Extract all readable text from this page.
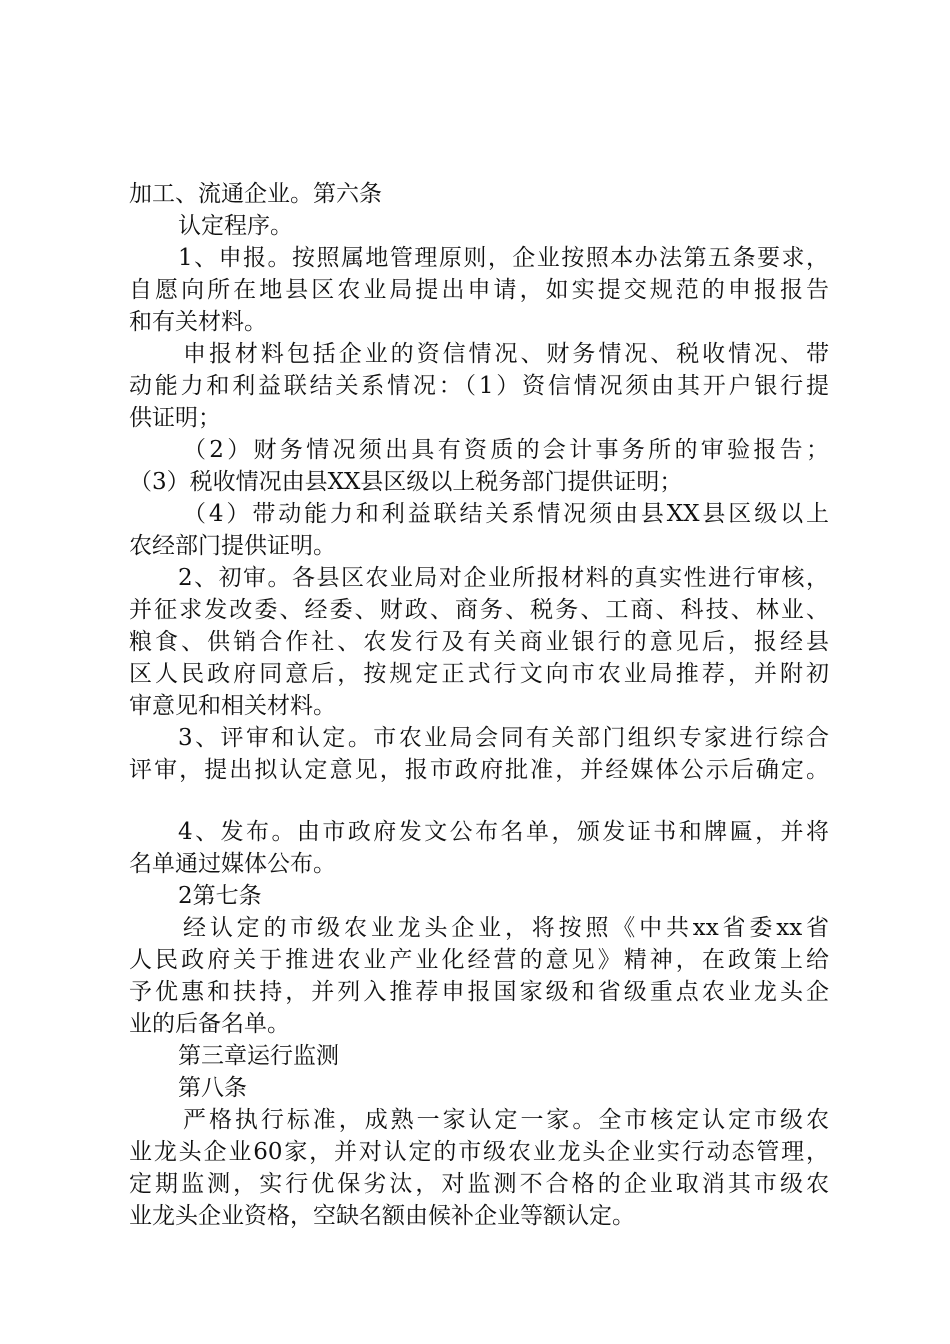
加工、流通企业。第六条
认定程序。
1、申报。按照属地管理原则，企业按照本办法第五条要求，
自愿向所在地县区农业局提出申请，如实提交规范的申报报告
和有关材料。
申报材料包括企业的资信情况、财务情况、税收情况、带
动能力和利益联结关系情况：（1）资信情况须由其开户银行提
供证明；
（2）财务情况须出具有资质的会计事务所的审验报告；
（3）税收情况由县XX县区级以上税务部门提供证明；
（4）带动能力和利益联结关系情况须由县XX县区级以上
农经部门提供证明。
2、初审。各县区农业局对企业所报材料的真实性进行审核，
并征求发改委、经委、财政、商务、税务、工商、科技、林业、
粮食、供销合作社、农发行及有关商业银行的意见后，报经县
区人民政府同意后，按规定正式行文向市农业局推荐，并附初
审意见和相关材料。
3、评审和认定。市农业局会同有关部门组织专家进行综合
评审，提出拟认定意见，报市政府批准，并经媒体公示后确定。
4、发布。由市政府发文公布名单，颁发证书和牌匾，并将
名单通过媒体公布。
2第七条
经认定的市级农业龙头企业，将按照《中共xx省委xx省
人民政府关于推进农业产业化经营的意见》精神，在政策上给
予优惠和扶持，并列入推荐申报国家级和省级重点农业龙头企
业的后备名单。
第三章运行监测
第八条
严格执行标准，成熟一家认定一家。全市核定认定市级农
业龙头企业60家，并对认定的市级农业龙头企业实行动态管理，
定期监测，实行优保劣汰，对监测不合格的企业取消其市级农
业龙头企业资格，空缺名额由候补企业等额认定。
